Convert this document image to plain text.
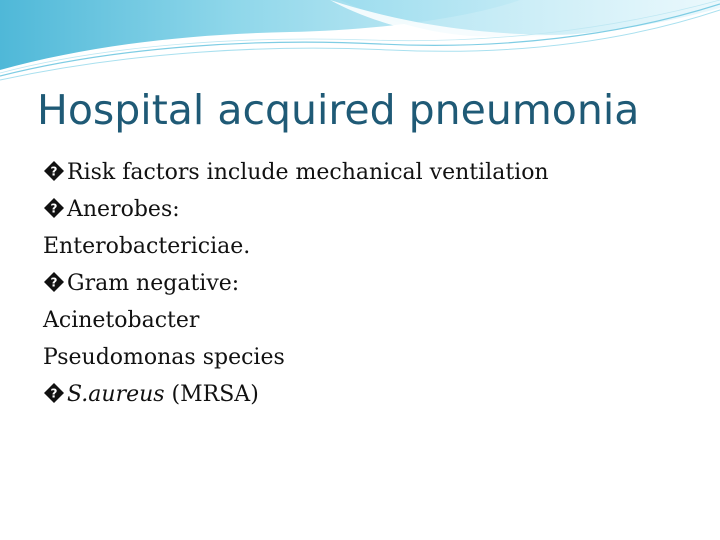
Hospital acquired pneumonia
? Risk factors include mechanical ventilation
? Anerobes:
Enterobactericiae.
? Gram negative:
Acinetobacter
Pseudomonas species
? S.aureus (MRSA)
